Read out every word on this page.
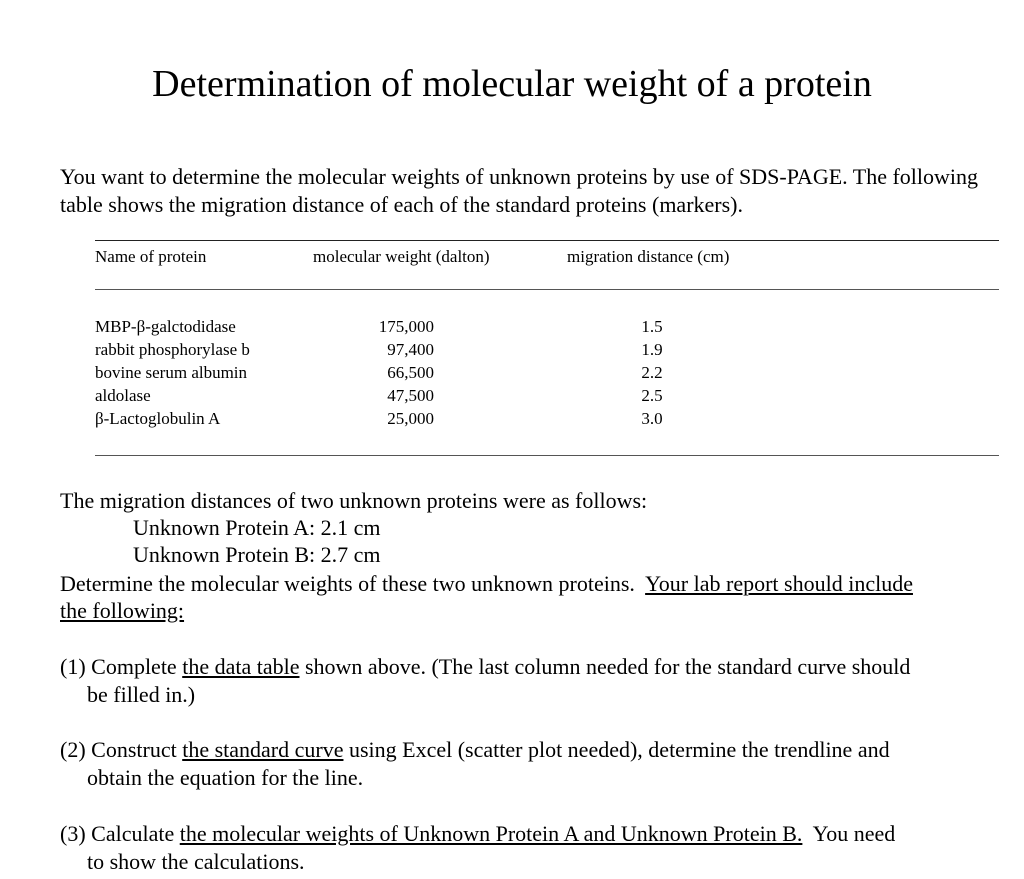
Determination of molecular weight of a protein

You want to determine the molecular weights of unknown proteins by use of SDS-PAGE. The following table shows the migration distance of each of the standard proteins (markers).

Name of protein	molecular weight (dalton)	migration distance (cm)
MBP-β-galctodidase
rabbit phosphorylase b
bovine serum albumin
aldolase
β-Lactoglobulin A
175,000
97,400
66,500
47,500
25,000
1.5
1.9
2.2
2.5
3.0

The migration distances of two unknown proteins were as follows:

Unknown Protein A: 2.1 cm

Unknown Protein B: 2.7 cm

Determine the molecular weights of these two unknown proteins. Your lab report should include

the following:

(1) Complete the data table shown above. (The last column needed for the standard curve should

be filled in.)

(2) Construct the standard curve using Excel (scatter plot needed), determine the trendline and

obtain the equation for the line.

(3) Calculate the molecular weights of Unknown Protein A and Unknown Protein B. You need

to show the calculations.
